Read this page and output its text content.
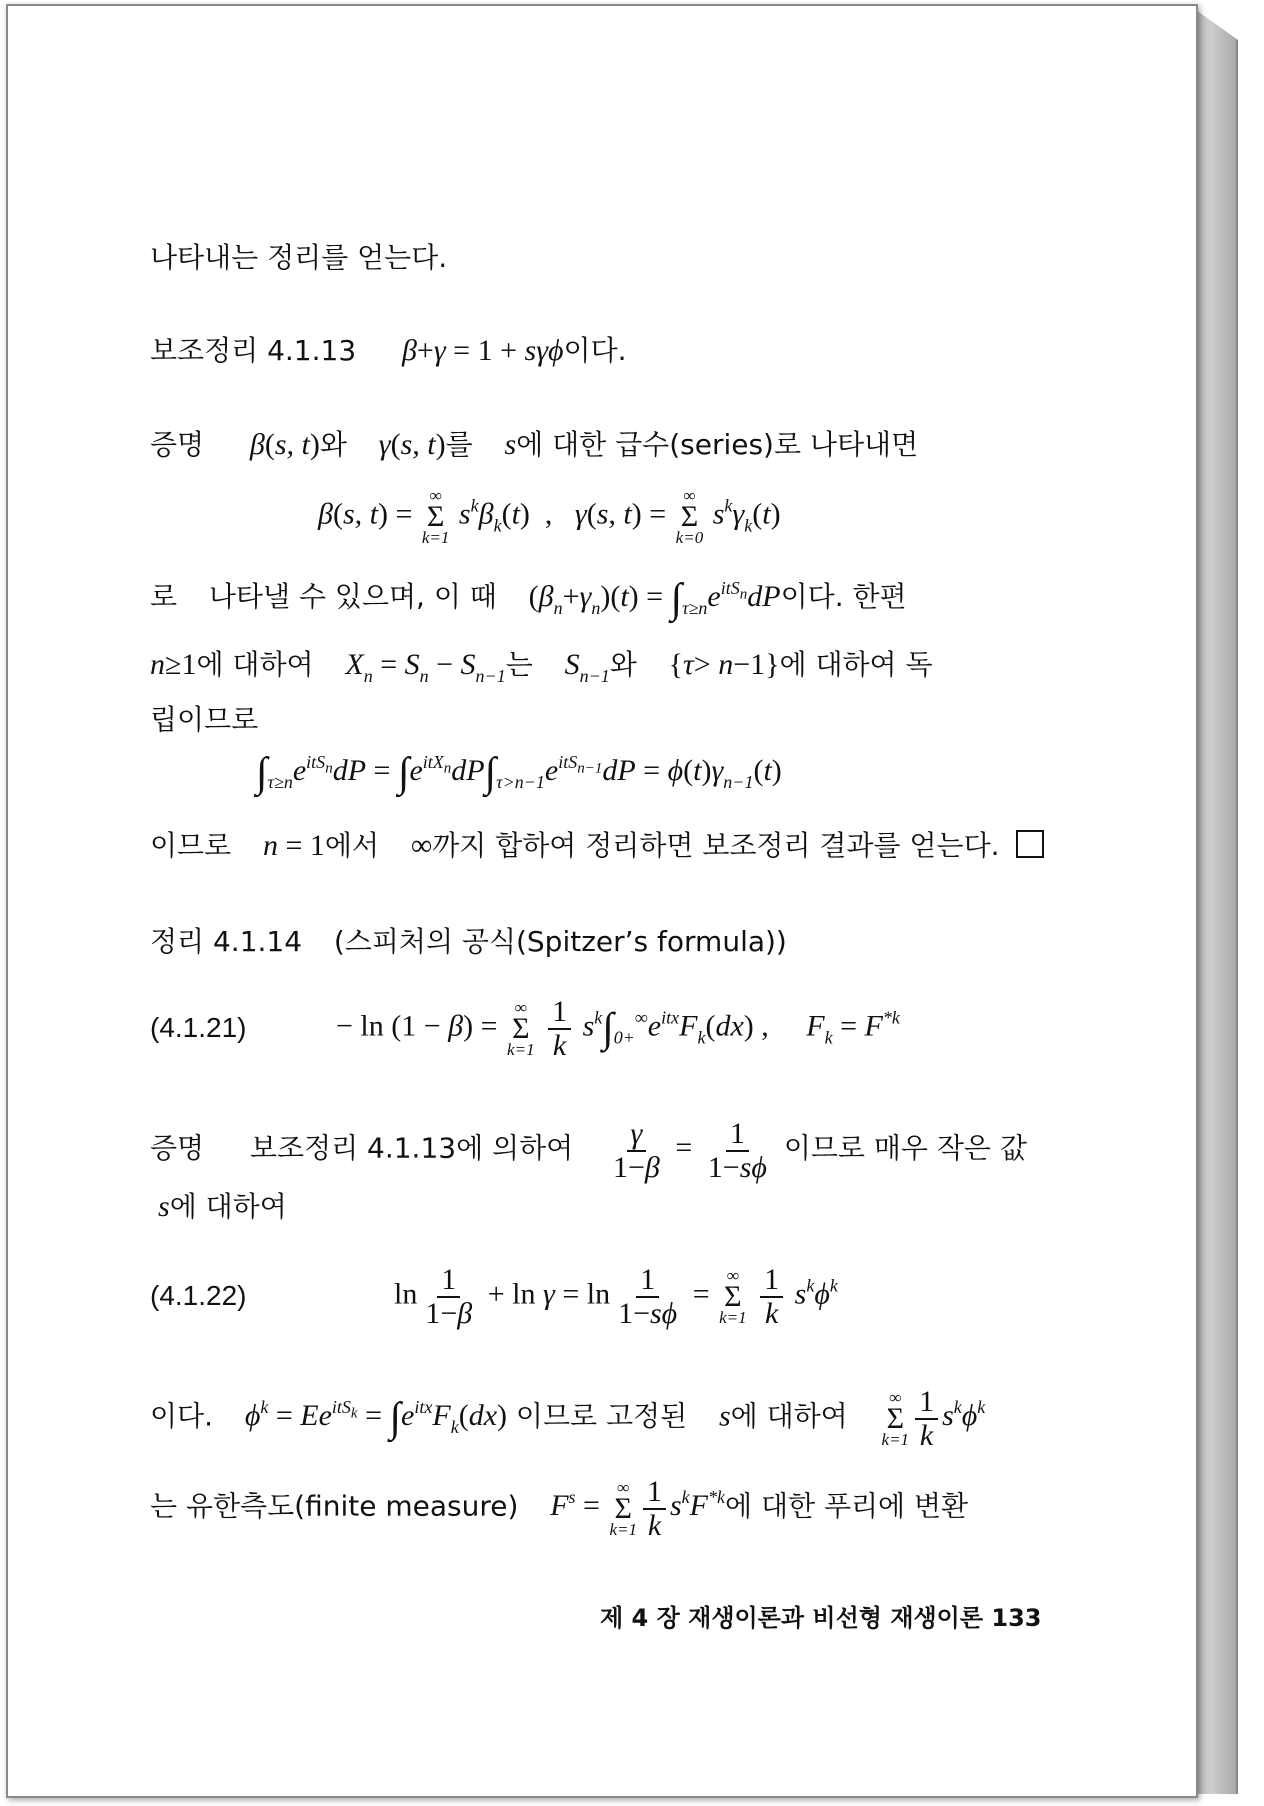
나타내는 정리를 얻는다.
보조정리 4.1.13 β+γ = 1 + sγϕ이다.
증명 β(s, t)와 γ(s, t)를 s에 대한 급수(series)로 나타내면
β(s, t) =
∞
Σ
k=1
$s^k\beta_k(t)$  ,   γ(s, t) =
∞
Σ
k=0
$s^k\gamma_k(t)$
로 나타낼 수 있으며, 이 때 $(\beta_n+\gamma_n)(t) = \int_{\tau\ge n}e^{itS_n}dP$이다. 한편
n≥1에 대하여 $X_n = S_n - S_{n-1}$는 $S_{n-1}$와 {τ> n−1}에 대하여 독
립이므로
$\int_{\tau\ge n}e^{itS_n}dP = \int e^{itX_n}dP\int_{\tau>n-1}e^{itS_{n-1}}dP = \phi(t)\gamma_{n-1}(t)$
이므로 n = 1에서 ∞까지 합하여 정리하면 보조정리 결과를 얻는다.
정리 4.1.14 (스피처의 공식(Spitzer’s formula))
(4.1.21)	− ln (1 − β) =
∞
Σ
k=1
$\frac{1}{k} s^k\int_{0+}^\infty e^{itx}F_k(dx)$ ,     $F_k = F^{*k}$
증명 보조정리 4.1.13에 의하여 $\frac{\gamma}{1-\beta} = \frac{1}{1-s\phi}$ 이므로 매우 작은 값
s에 대하여
(4.1.22)	$\ln \frac{1}{1-\beta} + \ln \gamma = \ln \frac{1}{1-s\phi}$ =
∞
Σ
k=1
$\frac{1}{k} s^k\phi^k$
이다. $\phi^k = Ee^{itS_k} = \int e^{itx}F_k(dx)$ 이므로 고정된 s에 대하여
∞
Σ
$k=1 \frac{1}{k} s^k\phi^k$
는 유한측도(finite measure) $F^s$ =
∞
Σ
$k=1 \frac{1}{k} s^kF^{*k}$에 대한 푸리에 변환
제 4 장 재생이론과 비선형 재생이론 133
